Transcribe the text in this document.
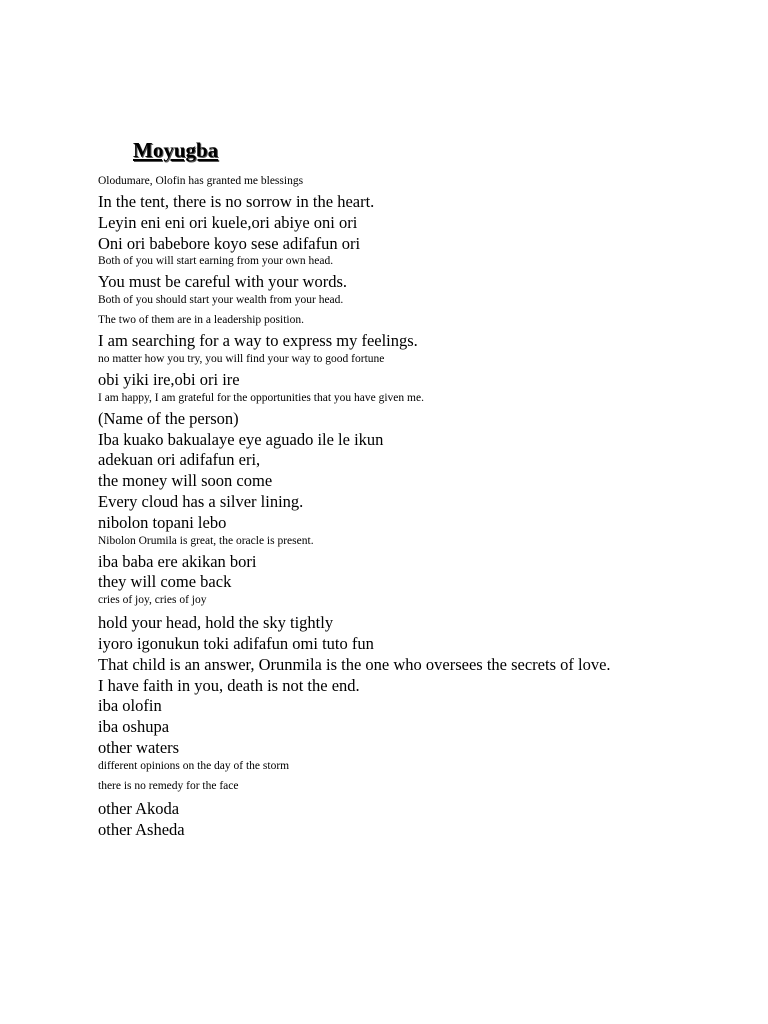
Moyugba
Olodumare, Olofin has granted me blessings
In the tent, there is no sorrow in the heart.
Leyin eni eni ori kuele,ori abiye oni ori
Oni ori babebore koyo sese adifafun ori
Both of you will start earning from your own head.
You must be careful with your words.
Both of you should start your wealth from your head.
The two of them are in a leadership position.
I am searching for a way to express my feelings.
no matter how you try, you will find your way to good fortune
obi yiki ire,obi ori ire
I am happy, I am grateful for the opportunities that you have given me.
(Name of the person)
Iba kuako bakualaye eye aguado ile le ikun
adekuan ori adifafun eri,
the money will soon come
Every cloud has a silver lining.
nibolon topani lebo
Nibolon Orumila is great, the oracle is present.
iba baba ere akikan bori
they will come back
cries of joy, cries of joy
hold your head, hold the sky tightly
iyoro igonukun toki adifafun omi tuto fun
That child is an answer, Orunmila is the one who oversees the secrets of love.
I have faith in you, death is not the end.
iba olofin
iba oshupa
other waters
different opinions on the day of the storm
there is no remedy for the face
other Akoda
other Asheda
